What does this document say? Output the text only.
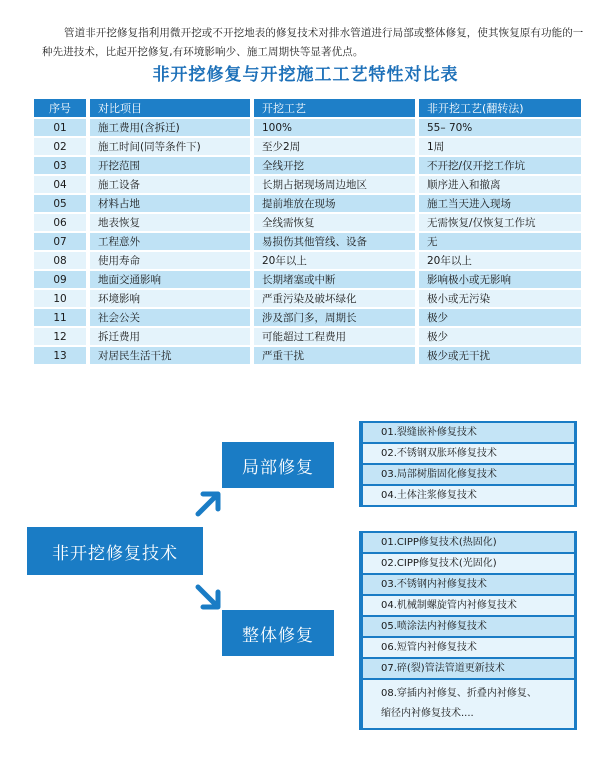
管道非开挖修复指利用微开挖或不开挖地表的修复技术对排水管道进行局部或整体修复，使其恢复原有功能的一种先进技术，比起开挖修复,有环境影响少、施工周期快等显著优点。

非开挖修复与开挖施工工艺特性对比表
序号	对比项目	开挖工艺	非开挖工艺(翻转法)
01	施工费用(含拆迁)	100%	55– 70%
02	施工时间(同等条件下)	至少2周	1周
03	开挖范围	全线开挖	不开挖/仅开挖工作坑
04	施工设备	长期占据现场周边地区	顺序进入和撤离
05	材料占地	提前堆放在现场	施工当天进入现场
06	地表恢复	全线需恢复	无需恢复/仅恢复工作坑
07	工程意外	易损伤其他管线、设备	无
08	使用寿命	20年以上	20年以上
09	地面交通影响	长期堵塞或中断	影响极小或无影响
10	环境影响	严重污染及破坏绿化	极小或无污染
11	社会公关	涉及部门多，周期长	极少
12	拆迁费用	可能超过工程费用	极少
13	对居民生活干扰	严重干扰	极少或无干扰
非开挖修复技术
局部修复
整体修复
01.裂缝嵌补修复技术
02.不锈钢双胀环修复技术
03.局部树脂固化修复技术
04.土体注浆修复技术
01.CIPP修复技术(热固化)
02.CIPP修复技术(光固化)
03.不锈钢内衬修复技术
04.机械制螺旋管内衬修复技术
05.喷涂法内衬修复技术
06.短管内衬修复技术
07.碎(裂)管法管道更新技术
08.穿插内衬修复、折叠内衬修复、
缩径内衬修复技术....
